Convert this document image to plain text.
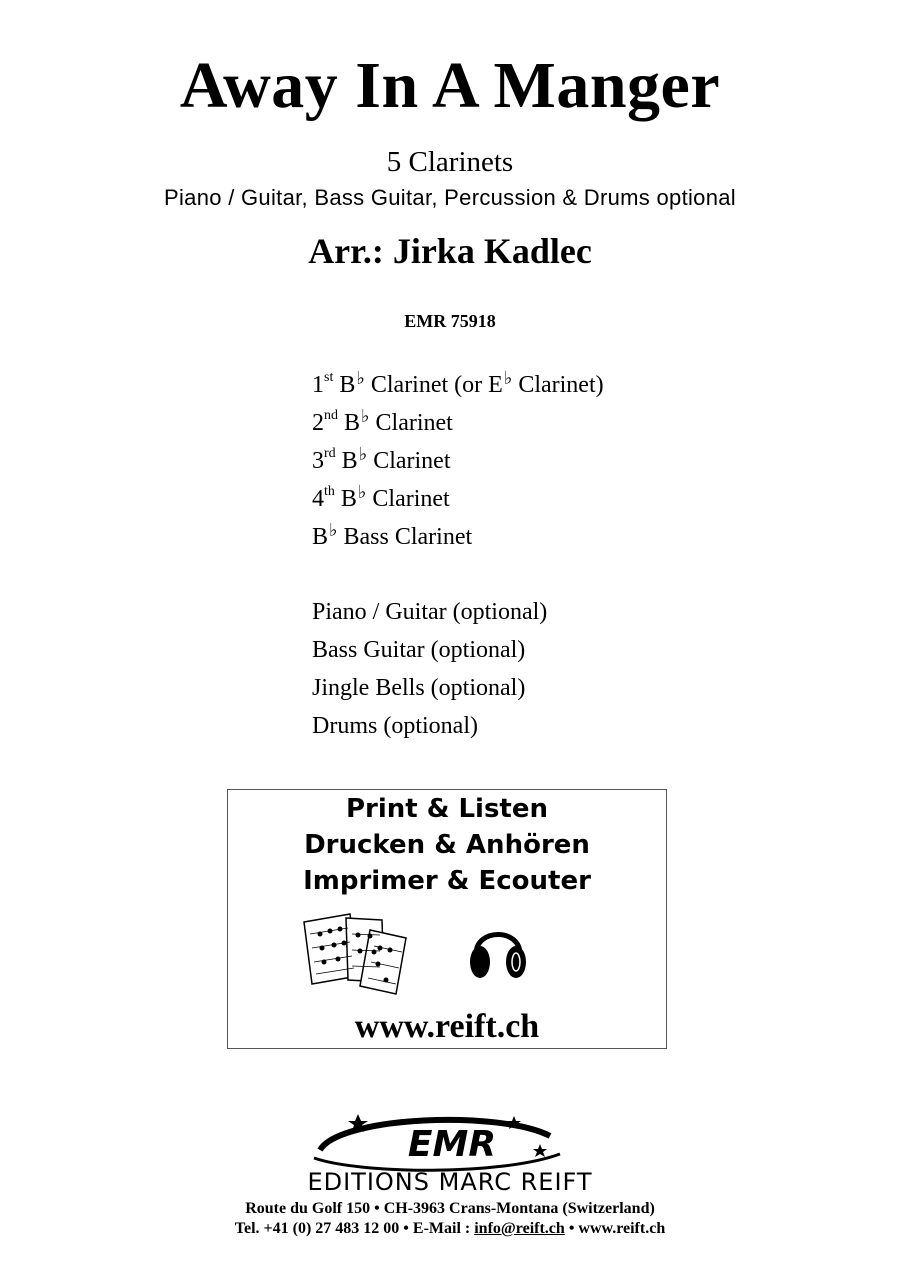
Away In A Manger
5 Clarinets
Piano / Guitar, Bass Guitar, Percussion & Drums optional
Arr.: Jirka Kadlec
EMR 75918
1st B♭ Clarinet (or E♭ Clarinet)
2nd B♭ Clarinet
3rd B♭ Clarinet
4th B♭ Clarinet
B♭ Bass Clarinet
Piano / Guitar (optional)
Bass Guitar (optional)
Jingle Bells (optional)
Drums (optional)
Print & Listen
Drucken & Anhören
Imprimer & Ecouter
www.reift.ch
EMR
EDITIONS MARC REIFT
Route du Golf 150 • CH-3963 Crans-Montana (Switzerland)
Tel. +41 (0) 27 483 12 00 • E-Mail : info@reift.ch • www.reift.ch
